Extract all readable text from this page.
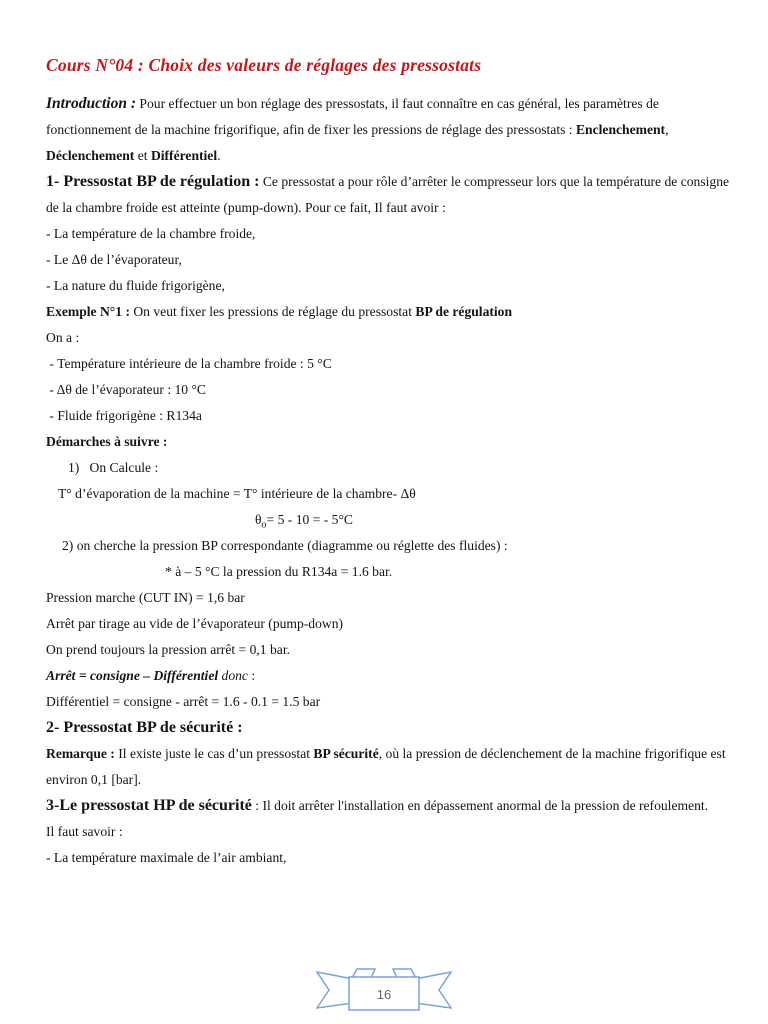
Cours N°04 : Choix des valeurs de réglages des pressostats

Introduction : Pour effectuer un bon réglage des pressostats, il faut connaître en cas général, les paramètres de fonctionnement de la machine frigorifique, afin de fixer les pressions de réglage des pressostats : Enclenchement, Déclenchement et Différentiel.

1- Pressostat BP de régulation : Ce pressostat a pour rôle d’arrêter le compresseur lors que la température de consigne de la chambre froide est atteinte (pump-down). Pour ce fait, Il faut avoir :

- La température de la chambre froide,

- Le Δθ de l’évaporateur,

- La nature du fluide frigorigène,

Exemple N°1 : On veut fixer les pressions de réglage du pressostat BP de régulation

On a :

- Température intérieure de la chambre froide : 5 °C

- Δθ de l’évaporateur : 10 °C

- Fluide frigorigène : R134a

Démarches à suivre :

1)   On Calcule :

T° d’évaporation de la machine = T° intérieure de la chambre- Δθ

$\theta_o= 5 - 10$ = - 5°C

2) on cherche la pression BP correspondante (diagramme ou réglette des fluides) :

* à – 5 °C la pression du R134a = 1.6 bar.

Pression marche (CUT IN) = 1,6 bar

Arrêt par tirage au vide de l’évaporateur (pump-down)

On prend toujours la pression arrêt = 0,1 bar.

Arrêt = consigne – Différentiel donc :

Différentiel = consigne - arrêt = 1.6 - 0.1 = 1.5 bar

2- Pressostat BP de sécurité :

Remarque : Il existe juste le cas d’un pressostat BP sécurité, où la pression de déclenchement de la machine frigorifique est environ 0,1 [bar].

3-Le pressostat HP de sécurité : Il doit arrêter l'installation en dépassement anormal de la pression de refoulement.

Il faut savoir :

- La température maximale de l’air ambiant,

16
